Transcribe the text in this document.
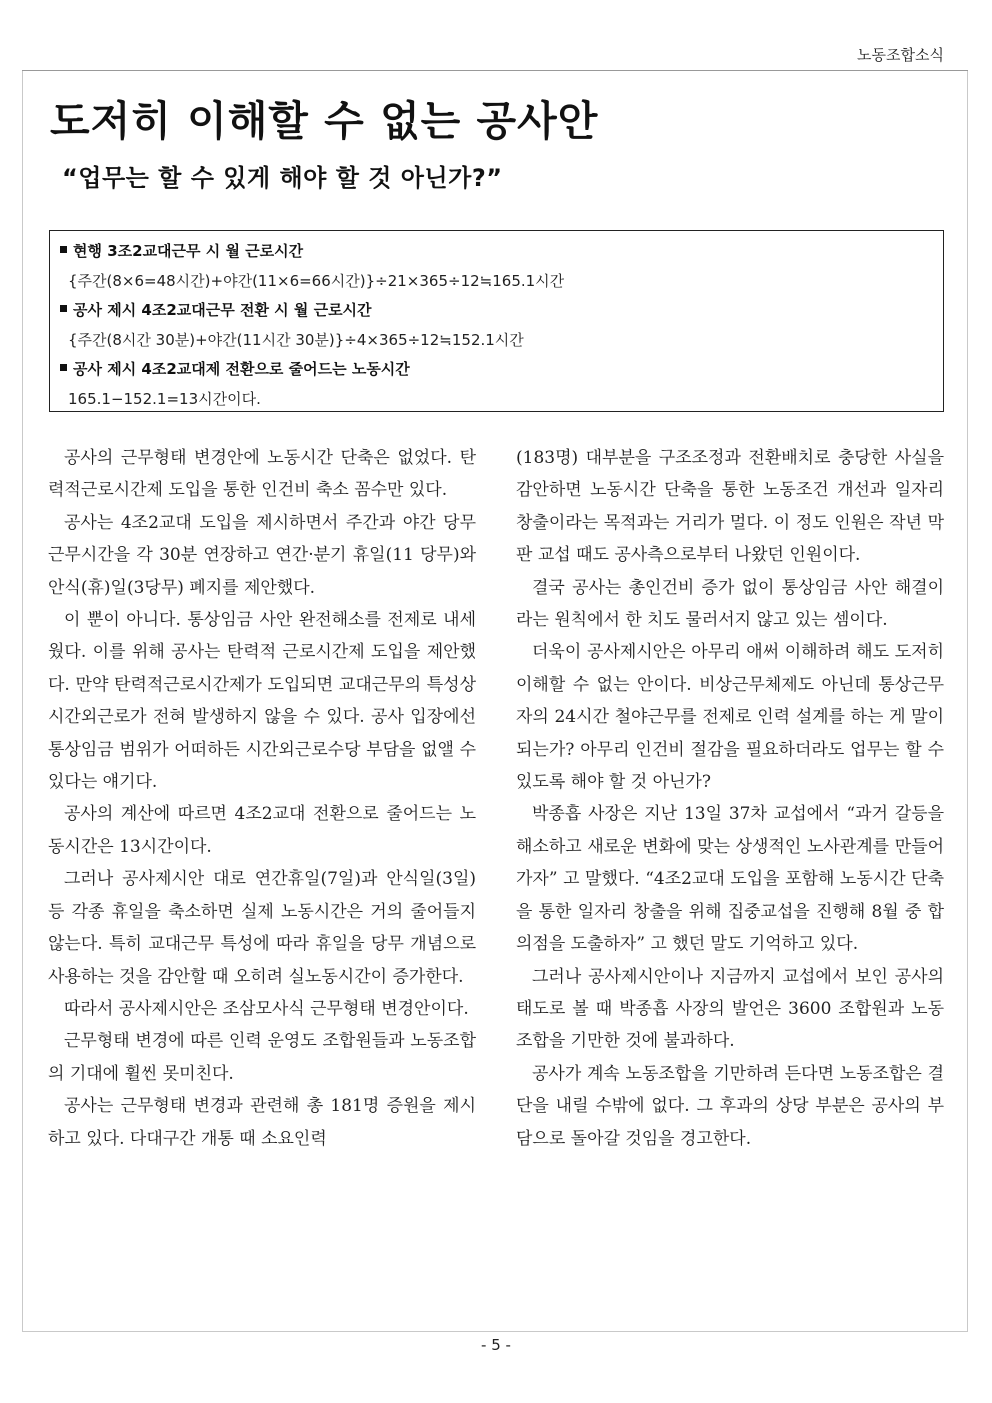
노동조합소식
도저히 이해할 수 없는 공사안
“업무는 할 수 있게 해야 할 것 아닌가?”
현행 3조2교대근무 시 월 근로시간
{주간(8×6=48시간)+야간(11×6=66시간)}÷21×365÷12≒165.1시간
공사 제시 4조2교대근무 전환 시 월 근로시간
{주간(8시간 30분)+야간(11시간 30분)}÷4×365÷12≒152.1시간
공사 제시 4조2교대제 전환으로 줄어드는 노동시간
165.1−152.1=13시간이다.

공사의 근무형태 변경안에 노동시간 단축은 없었다. 탄력적근로시간제 도입을 통한 인건비 축소 꼼수만 있다.

공사는 4조2교대 도입을 제시하면서 주간과 야간 당무 근무시간을 각 30분 연장하고 연간·분기 휴일(11 당무)와 안식(휴)일(3당무) 폐지를 제안했다.

이 뿐이 아니다. 통상임금 사안 완전해소를 전제로 내세웠다. 이를 위해 공사는 탄력적 근로시간제 도입을 제안했다. 만약 탄력적근로시간제가 도입되면 교대근무의 특성상 시간외근로가 전혀 발생하지 않을 수 있다. 공사 입장에선 통상임금 범위가 어떠하든 시간외근로수당 부담을 없앨 수 있다는 얘기다.

공사의 계산에 따르면 4조2교대 전환으로 줄어드는 노동시간은 13시간이다.

그러나 공사제시안 대로 연간휴일(7일)과 안식일(3일) 등 각종 휴일을 축소하면 실제 노동시간은 거의 줄어들지 않는다. 특히 교대근무 특성에 따라 휴일을 당무 개념으로 사용하는 것을 감안할 때 오히려 실노동시간이 증가한다.

따라서 공사제시안은 조삼모사식 근무형태 변경안이다.

근무형태 변경에 따른 인력 운영도 조합원들과 노동조합의 기대에 휠씬 못미친다.

공사는 근무형태 변경과 관련해 총 181명 증원을 제시하고 있다. 다대구간 개통 때 소요인력

(183명) 대부분을 구조조정과 전환배치로 충당한 사실을 감안하면 노동시간 단축을 통한 노동조건 개선과 일자리 창출이라는 목적과는 거리가 멀다. 이 정도 인원은 작년 막판 교섭 때도 공사측으로부터 나왔던 인원이다.

결국 공사는 총인건비 증가 없이 통상임금 사안 해결이라는 원칙에서 한 치도 물러서지 않고 있는 셈이다.

더욱이 공사제시안은 아무리 애써 이해하려 해도 도저히 이해할 수 없는 안이다. 비상근무체제도 아닌데 통상근무자의 24시간 철야근무를 전제로 인력 설계를 하는 게 말이 되는가? 아무리 인건비 절감을 필요하더라도 업무는 할 수 있도록 해야 할 것 아닌가?

박종흡 사장은 지난 13일 37차 교섭에서 “과거 갈등을 해소하고 새로운 변화에 맞는 상생적인 노사관계를 만들어 가자” 고 말했다. “4조2교대 도입을 포함해 노동시간 단축을 통한 일자리 창출을 위해 집중교섭을 진행해 8월 중 합의점을 도출하자” 고 했던 말도 기억하고 있다.

그러나 공사제시안이나 지금까지 교섭에서 보인 공사의 태도로 볼 때 박종흡 사장의 발언은 3600 조합원과 노동조합을 기만한 것에 불과하다.

공사가 계속 노동조합을 기만하려 든다면 노동조합은 결단을 내릴 수밖에 없다. 그 후과의 상당 부분은 공사의 부담으로 돌아갈 것임을 경고한다.

- 5 -
